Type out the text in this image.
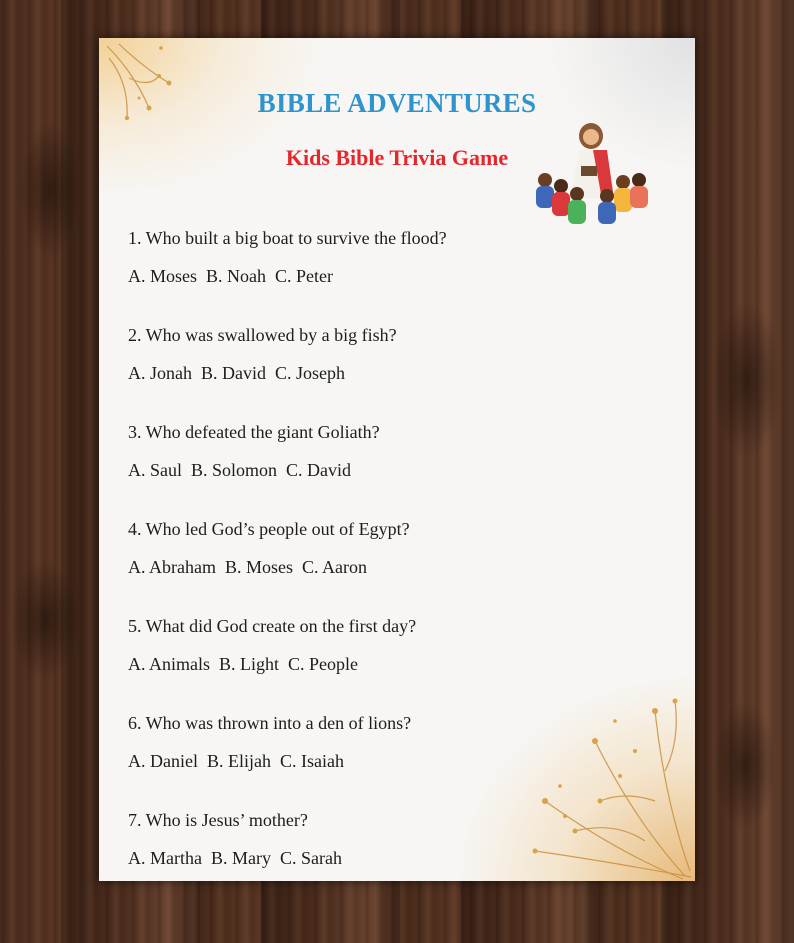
BIBLE ADVENTURES
Kids Bible Trivia Game
1. Who built a big boat to survive the flood?
A. Moses  B. Noah  C. Peter
2. Who was swallowed by a big fish?
A. Jonah  B. David  C. Joseph
3. Who defeated the giant Goliath?
A. Saul  B. Solomon  C. David
4. Who led God’s people out of Egypt?
A. Abraham  B. Moses  C. Aaron
5. What did God create on the first day?
A. Animals  B. Light  C. People
6. Who was thrown into a den of lions?
A. Daniel  B. Elijah  C. Isaiah
7. Who is Jesus’ mother?
A. Martha  B. Mary  C. Sarah
